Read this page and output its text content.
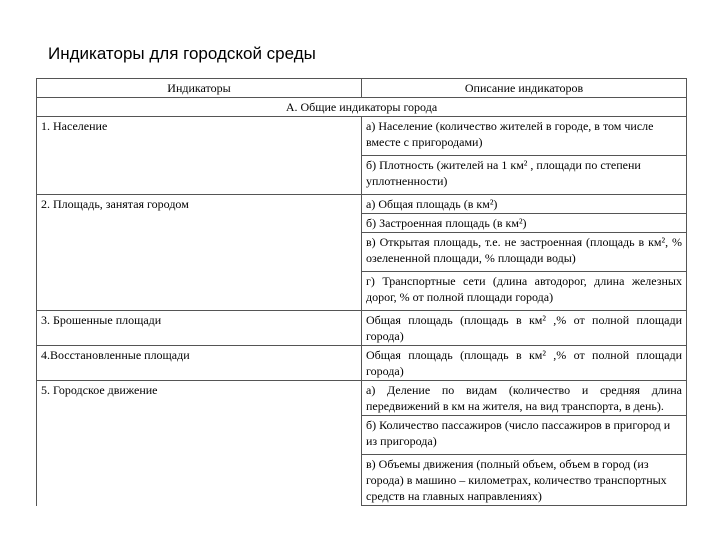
Индикаторы для городской среды
Индикаторы	Описание индикаторов
А. Общие индикаторы города	
1. Население	а) Население (количество жителей в городе, в том числе вместе с пригородами)
	б) Плотность (жителей на 1 км² , площади по степени уплотненности)
2. Площадь, занятая городом	а) Общая площадь (в км²)
	б) Застроенная площадь (в км²)
	в) Открытая площадь, т.е. не застроенная (площадь в км², % озелененной площади, % площади воды)
	г) Транспортные сети (длина автодорог, длина железных дорог, % от полной площади города)
3. Брошенные площади	Общая площадь (площадь в км² ,% от полной площади города)
4.Восстановленные площади	Общая площадь (площадь в км² ,% от полной площади города)
5. Городское движение	а) Деление по видам (количество и средняя длина передвижений в км на жителя, на вид транспорта, в день).
	б) Количество пассажиров (число пассажиров в пригород и из пригорода)
	в) Объемы движения (полный объем, объем в город (из города) в машино – километрах, количество транспортных средств на главных направлениях)
